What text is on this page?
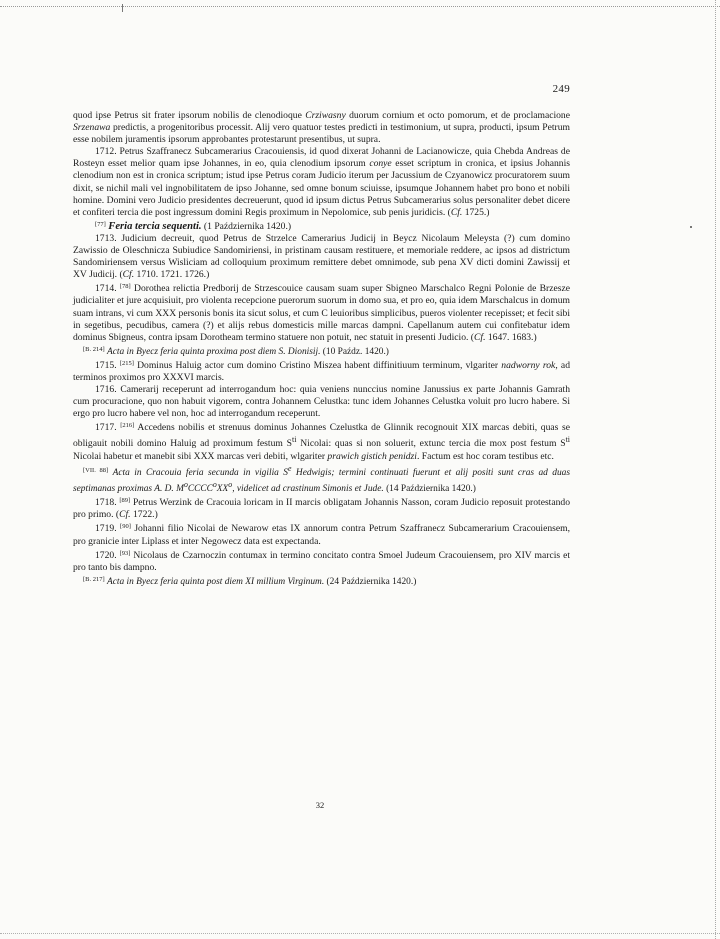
249

quod ipse Petrus sit frater ipsorum nobilis de clenodioque Crziwasny duorum cornium et octo pomorum, et de proclamacione Srzenawa predictis, a progenitoribus processit. Alij vero quatuor testes predicti in testimonium, ut supra, producti, ipsum Petrum esse nobilem juramentis ipsorum approbantes protestarunt presentibus, ut supra.

1712. Petrus Szaffranecz Subcamerarius Cracouiensis, id quod dixerat Johanni de Lacianowicze, quia Chebda Andreas de Rosteyn esset melior quam ipse Johannes, in eo, quia clenodium ipsorum conye esset scriptum in cronica, et ipsius Johannis clenodium non est in cronica scriptum; istud ipse Petrus coram Judicio iterum per Jacussium de Czyanowicz procuratorem suum dixit, se nichil mali vel ingnobilitatem de ipso Johanne, sed omne bonum sciuisse, ipsumque Johannem habet pro bono et nobili homine. Domini vero Judicio presidentes decreuerunt, quod id ipsum dictus Petrus Subcamerarius solus personaliter debet dicere et confiteri tercia die post ingressum domini Regis proximum in Nepolomice, sub penis juridicis. (Cf. 1725.)

[77] Feria tercia sequenti. (1 Października 1420.)

1713. Judicium decreuit, quod Petrus de Strzelce Camerarius Judicij in Beycz Nicolaum Meleysta (?) cum domino Zawissio de Oleschnicza Subiudice Sandomiriensi, in pristinam causam restituere, et memoriale reddere, ac ipsos ad districtum Sandomiriensem versus Wisliciam ad colloquium proximum remittere debet omnimode, sub pena XV dicti domini Zawissij et XV Judicij. (Cf. 1710. 1721. 1726.)

1714. [78] Dorothea relictia Predborij de Strzescouice causam suam super Sbigneo Marschalco Regni Polonie de Brzesze judicialiter et jure acquisiuit, pro violenta recepcione puerorum suorum in domo sua, et pro eo, quia idem Marschalcus in domum suam intrans, vi cum XXX personis bonis ita sicut solus, et cum C leuioribus simplicibus, pueros violenter recepisset; et fecit sibi in segetibus, pecudibus, camera (?) et alijs rebus domesticis mille marcas dampni. Capellanum autem cui confitebatur idem dominus Sbigneus, contra ipsam Dorotheam termino statuere non potuit, nec statuit in presenti Judicio. (Cf. 1647. 1683.)

[B. 214] Acta in Byecz feria quinta proxima post diem S. Dionisij. (10 Paźdz. 1420.)

1715. [215] Dominus Haluig actor cum domino Cristino Miszea habent diffinitiuum terminum, vlgariter nadworny rok, ad terminos proximos pro XXXVI marcis.

1716. Camerarij receperunt ad interrogandum hoc: quia veniens nunccius nomine Janussius ex parte Johannis Gamrath cum procuracione, quo non habuit vigorem, contra Johannem Celustka: tunc idem Johannes Celustka voluit pro lucro habere. Si ergo pro lucro habere vel non, hoc ad interrogandum receperunt.

1717. [216] Accedens nobilis et strenuus dominus Johannes Czelustka de Glinnik recognouit XIX marcas debiti, quas se obligauit nobili domino Haluig ad proximum festum $S^{ti}$ Nicolai: quas si non soluerit, extunc tercia die mox post festum $S^{ti}$ Nicolai habetur et manebit sibi XXX marcas veri debiti, wlgariter prawich gistich penidzi. Factum est hoc coram testibus etc.

[VII. 88] Acta in Cracouia feria secunda in vigilia $S^e$ Hedwigis; termini continuati fuerunt et alij positi sunt cras ad duas septimanas proximas A. D. $M^oCCCC^oXX^o$, videlicet ad crastinum Simonis et Jude. (14 Października 1420.)

1718. [89] Petrus Werzink de Cracouia loricam in II marcis obligatam Johannis Nasson, coram Judicio reposuit protestando pro primo. (Cf. 1722.)

1719. [90] Johanni filio Nicolai de Newarow etas IX annorum contra Petrum Szaffranecz Subcamerarium Cracouiensem, pro granicie inter Liplass et inter Negowecz data est expectanda.

1720. [93] Nicolaus de Czarnoczin contumax in termino concitato contra Smoel Judeum Cracouiensem, pro XIV marcis et pro tanto bis dampno.

[B. 217] Acta in Byecz feria quinta post diem XI millium Virginum. (24 Października 1420.)

32
